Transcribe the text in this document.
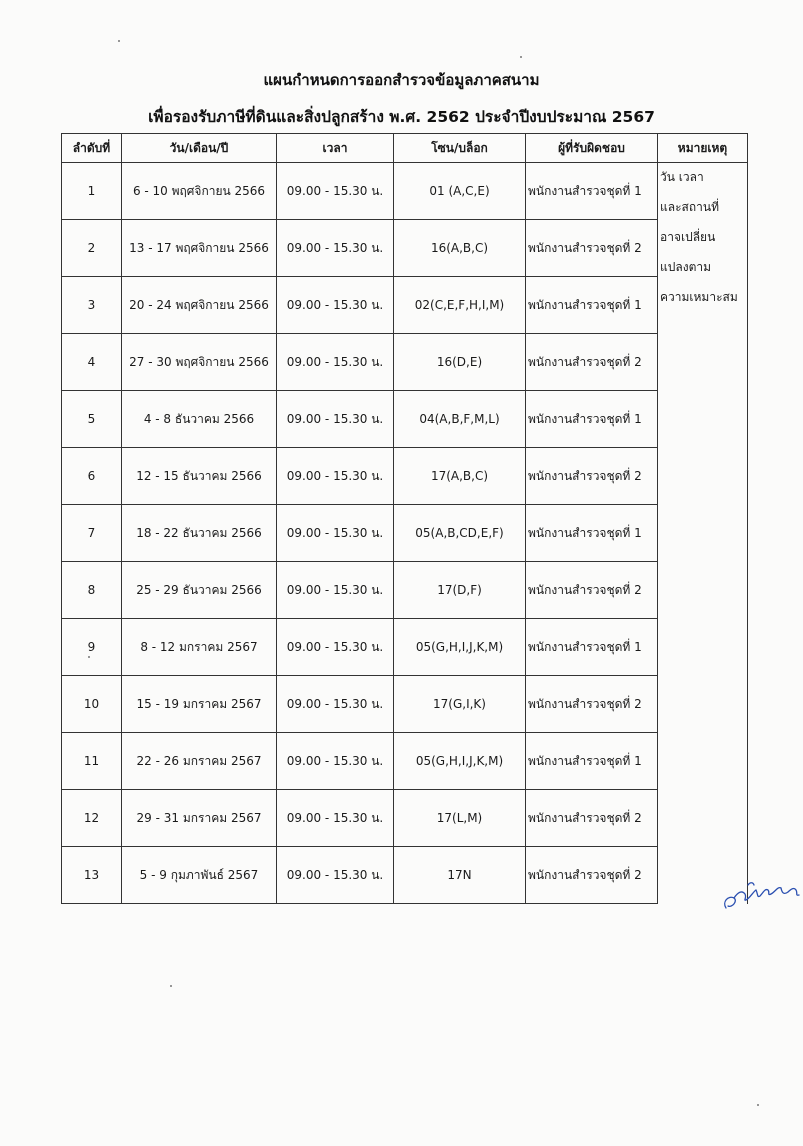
แผนกำหนดการออกสำรวจข้อมูลภาคสนาม
เพื่อรองรับภาษีที่ดินและสิ่งปลูกสร้าง พ.ศ. 2562 ประจำปีงบประมาณ 2567
ลำดับที่	วัน/เดือน/ปี	เวลา	โซน/บล็อก	ผู้ที่รับผิดชอบ	หมายเหตุ
1	6 - 10 พฤศจิกายน 2566	09.00 - 15.30 น.	01 (A,C,E)	พนักงานสำรวจชุดที่ 1	วัน เวลา
และสถานที่
อาจเปลี่ยน
แปลงตาม
ความเหมาะสม

2	13 - 17 พฤศจิกายน 2566	09.00 - 15.30 น.	16(A,B,C)	พนักงานสำรวจชุดที่ 2	
3	20 - 24 พฤศจิกายน 2566	09.00 - 15.30 น.	02(C,E,F,H,I,M)	พนักงานสำรวจชุดที่ 1	
4	27 - 30 พฤศจิกายน 2566	09.00 - 15.30 น.	16(D,E)	พนักงานสำรวจชุดที่ 2	
5	4 - 8 ธันวาคม 2566	09.00 - 15.30 น.	04(A,B,F,M,L)	พนักงานสำรวจชุดที่ 1	
6	12 - 15 ธันวาคม 2566	09.00 - 15.30 น.	17(A,B,C)	พนักงานสำรวจชุดที่ 2	
7	18 - 22 ธันวาคม 2566	09.00 - 15.30 น.	05(A,B,CD,E,F)	พนักงานสำรวจชุดที่ 1	
8	25 - 29 ธันวาคม 2566	09.00 - 15.30 น.	17(D,F)	พนักงานสำรวจชุดที่ 2	
9	8 - 12 มกราคม 2567	09.00 - 15.30 น.	05(G,H,I,J,K,M)	พนักงานสำรวจชุดที่ 1	
10	15 - 19 มกราคม 2567	09.00 - 15.30 น.	17(G,I,K)	พนักงานสำรวจชุดที่ 2	
11	22 - 26 มกราคม 2567	09.00 - 15.30 น.	05(G,H,I,J,K,M)	พนักงานสำรวจชุดที่ 1	
12	29 - 31 มกราคม 2567	09.00 - 15.30 น.	17(L,M)	พนักงานสำรวจชุดที่ 2	
13	5 - 9 กุมภาพันธ์ 2567	09.00 - 15.30 น.	17N	พนักงานสำรวจชุดที่ 2	
